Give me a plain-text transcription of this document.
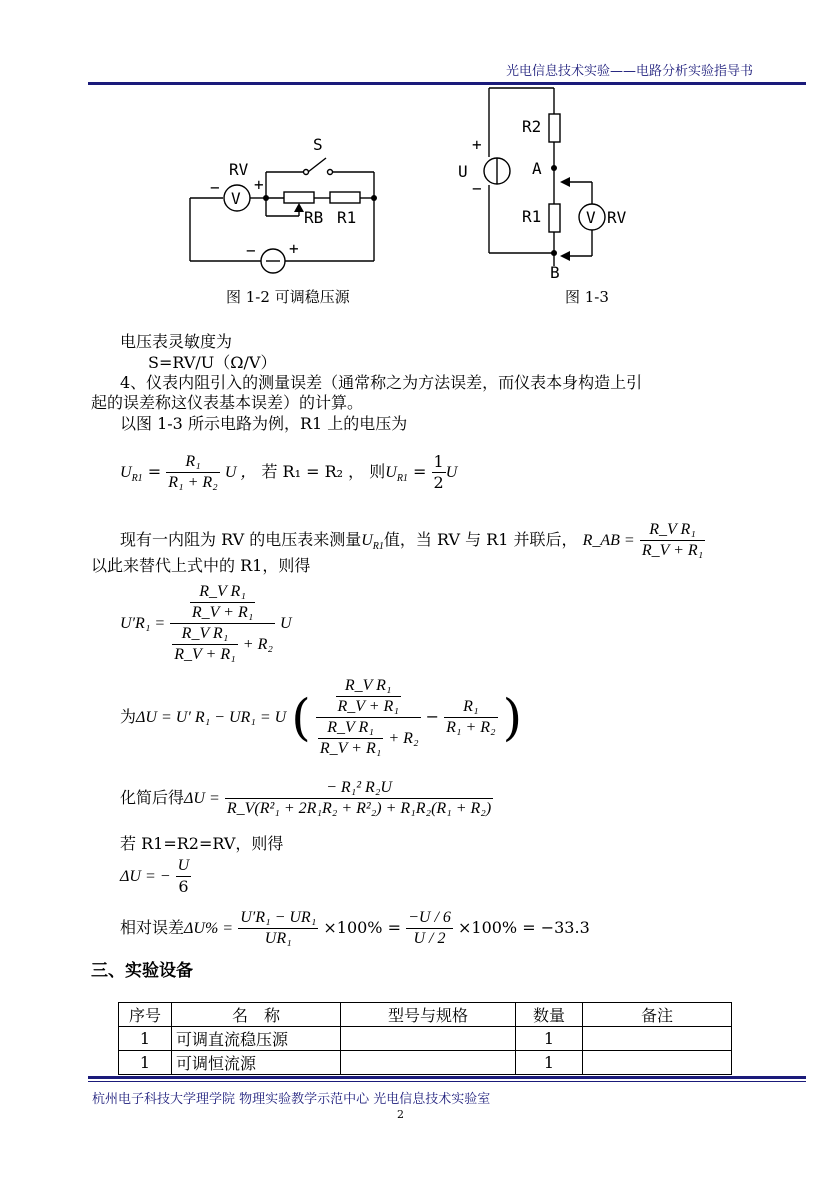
光电信息技术实验——电路分析实验指导书
S
RV
V
− +
RB R1
− +
图 1-2 可调稳压源
R2
+
U
−
A
R1	V RV
B
图 1-3
电压表灵敏度为
S=RV/U（Ω/V）
4、仪表内阻引入的测量误差（通常称之为方法误差，而仪表本身构造上引
起的误差称这仪表基本误差）的计算。
以图 1-3 所示电路为例，R1 上的电压为
$U_{R1} = \frac{\text{R₁}}{\text{R₁ + R₂}}$ U ， 若 R₁ = R₂ ， 则$U_{R1} = \frac{1}{2}$ U
现有一内阻为 RV 的电压表来测量$U_{R1}$值，当 RV 与 R1 并联后， R_AB = $\frac{\text{R\_V R₁}}{\text{R\_V + R₁}}$
以此来替代上式中的 R1，则得
$U'R_1 = \frac{\frac{\text{R\_V R₁}}{\text{R\_V + R₁}}}{\frac{\text{R\_V R₁}}{\text{R\_V + R₁}} + R_2}$ U
为ΔU = U′ R₁ − UR₁ = U ( $\frac{\frac{\text{R\_V R₁}}{\text{R\_V + R₁}}}{\frac{\text{R\_V R₁}}{\text{R\_V + R₁}} + R_2} - \frac{\text{R₁}}{\text{R₁ + R₂}}$ )
化简后得$\Delta U = \frac{\text{− R₁² R₂U}}{\text{R\_V(R²₁ + 2R₁R₂ + R²₂) + R₁R₂(R₁ + R₂)}}$
若 R1=R2=RV，则得
ΔU = − $\frac{U}{6}$
相对误差$\Delta U\% = \frac{\text{U′R₁ − UR₁}}{\text{UR₁}} \times 100\% = \frac{-U / 6}{U / 2} \times 100\% = -33.3$
三、实验设备
序号	名　称	型号与规格	数量	备注
1	可调直流稳压源		1	
1	可调恒流源		1	
杭州电子科技大学理学院 物理实验教学示范中心 光电信息技术实验室
2
